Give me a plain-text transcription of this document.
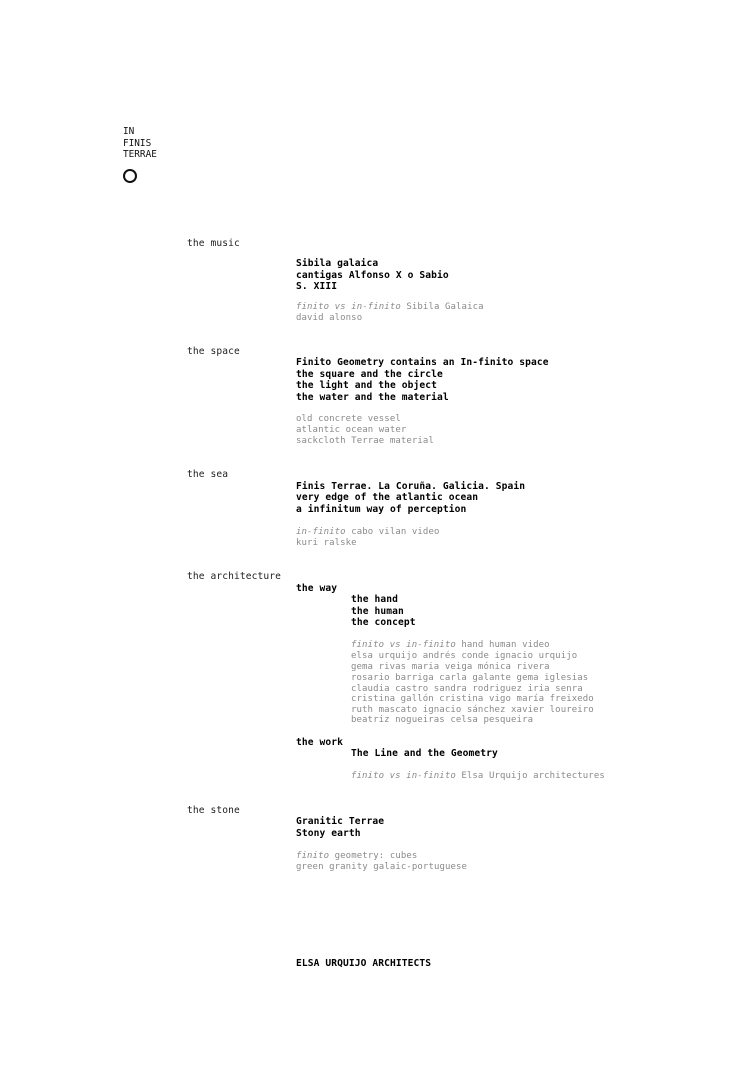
IN
FINIS
TERRAE
the music
Sibila galaica
cantigas Alfonso X o Sabio
S. XIII
finito vs in-finito Sibila Galaica
david alonso
the space
Finito Geometry contains an In-finito space
the square and the circle
the light and the object
the water and the material
old concrete vessel
atlantic ocean water
sackcloth Terrae material
the sea
Finis Terrae. La Coruña. Galicia. Spain
very edge of the atlantic ocean
a infinitum way of perception
in-finito cabo vilan video
kuri ralske
the architecture
the way
the hand
the human
the concept
finito vs in-finito hand human video
elsa urquijo andrés conde ignacio urquijo
gema rivas maria veiga mónica rivera
rosario barriga carla galante gema iglesias
claudia castro sandra rodriguez iria senra
cristina gallón cristina vigo maría freixedo
ruth mascato ignacio sánchez xavier loureiro
beatriz nogueiras celsa pesqueira
the work
The Line and the Geometry
finito vs in-finito Elsa Urquijo architectures
the stone
Granitic Terrae
Stony earth
finito geometry: cubes
green granity galaic-portuguese
ELSA URQUIJO ARCHITECTS
